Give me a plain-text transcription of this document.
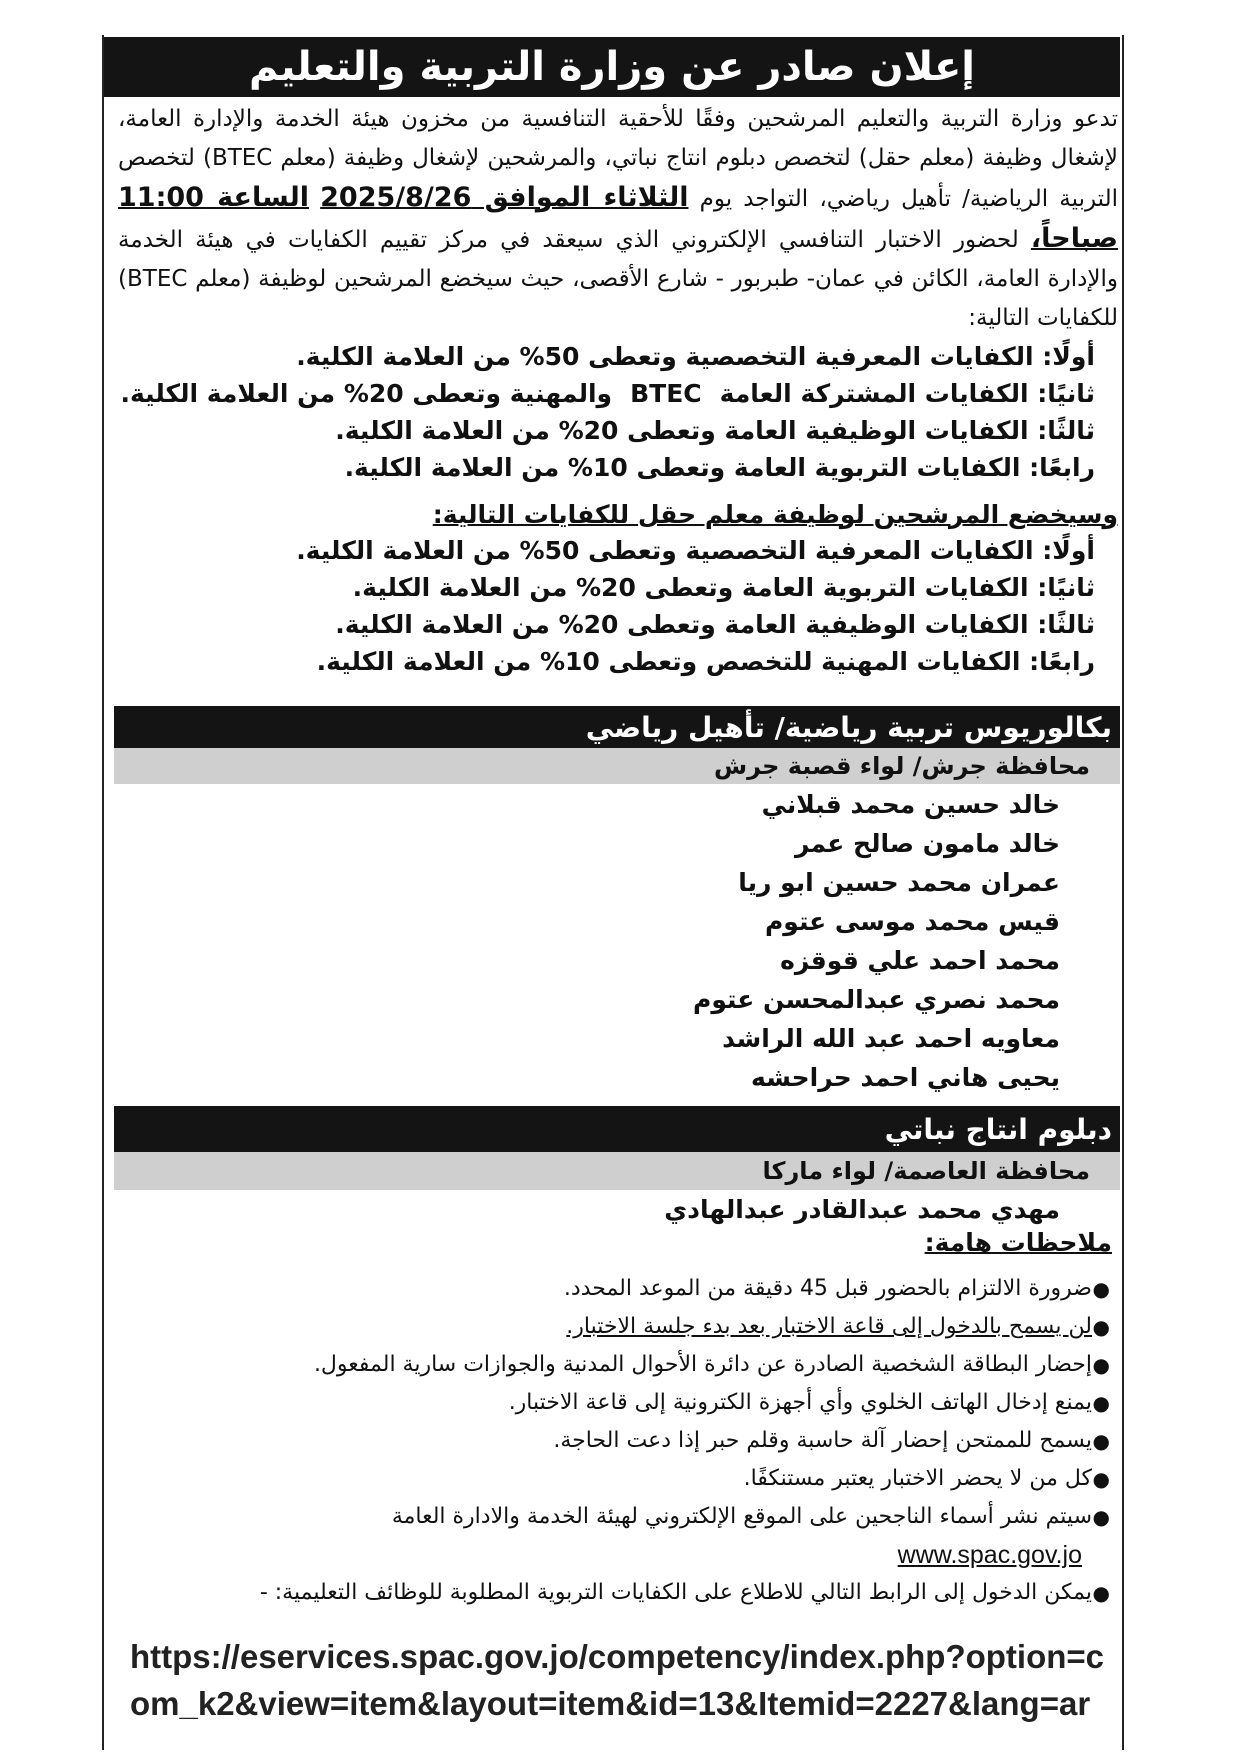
إعلان صادر عن وزارة التربية والتعليم
تدعو وزارة التربية والتعليم المرشحين وفقًا للأحقية التنافسية من مخزون هيئة الخدمة والإدارة العامة، لإشغال وظيفة (معلم حقل) لتخصص دبلوم انتاج نباتي، والمرشحين لإشغال وظيفة (معلم BTEC) لتخصص التربية الرياضية/ تأهيل رياضي، التواجد يوم الثلاثاء الموافق 2025/8/26 الساعة 11:00 صباحاً، لحضور الاختبار التنافسي الإلكتروني الذي سيعقد في مركز تقييم الكفايات في هيئة الخدمة والإدارة العامة، الكائن في عمان- طبربور - شارع الأقصى، حيث سيخضع المرشحين لوظيفة (معلم BTEC) للكفايات التالية:
أولًا: الكفايات المعرفية التخصصية وتعطى 50% من العلامة الكلية.
ثانيًا: الكفايات المشتركة العامةBTECوالمهنية وتعطى 20% من العلامة الكلية.
ثالثًا: الكفايات الوظيفية العامة وتعطى 20% من العلامة الكلية.
رابعًا: الكفايات التربوية العامة وتعطى 10% من العلامة الكلية.
وسيخضع المرشحين لوظيفة معلم حقل للكفايات التالية:
أولًا: الكفايات المعرفية التخصصية وتعطى 50% من العلامة الكلية.
ثانيًا: الكفايات التربوية العامة وتعطى 20% من العلامة الكلية.
ثالثًا: الكفايات الوظيفية العامة وتعطى 20% من العلامة الكلية.
رابعًا: الكفايات المهنية للتخصص وتعطى 10% من العلامة الكلية.
بكالوريوس تربية رياضية/ تأهيل رياضي
محافظة جرش/ لواء قصبة جرش
خالد حسين محمد قبلاني
خالد مامون صالح عمر
عمران محمد حسين ابو ريا
قيس محمد موسى عتوم
محمد احمد علي قوقزه
محمد نصري عبدالمحسن عتوم
معاويه احمد عبد الله الراشد
يحيى هاني احمد حراحشه
دبلوم انتاج نباتي
محافظة العاصمة/ لواء ماركا
مهدي محمد عبدالقادر عبدالهادي
ملاحظات هامة:
●
ضرورة الالتزام بالحضور قبل 45 دقيقة من الموعد المحدد.
●
لن يسمح بالدخول إلى قاعة الاختبار بعد بدء جلسة الاختبار.
●
إحضار البطاقة الشخصية الصادرة عن دائرة الأحوال المدنية والجوازات سارية المفعول.
●
يمنع إدخال الهاتف الخلوي وأي أجهزة الكترونية إلى قاعة الاختبار.
●
يسمح للممتحن إحضار آلة حاسبة وقلم حبر إذا دعت الحاجة.
●
كل من لا يحضر الاختبار يعتبر مستنكفًا.
●
سيتم نشر أسماء الناجحين على الموقع الإلكتروني لهيئة الخدمة والادارة العامة
www.spac.gov.jo
●
يمكن الدخول إلى الرابط التالي للاطلاع على الكفايات التربوية المطلوبة للوظائف التعليمية: -
https://eservices.spac.gov.jo/competency/index.php?option=com_k2&view=item&layout=item&id=13&Itemid=2227&lang=ar
